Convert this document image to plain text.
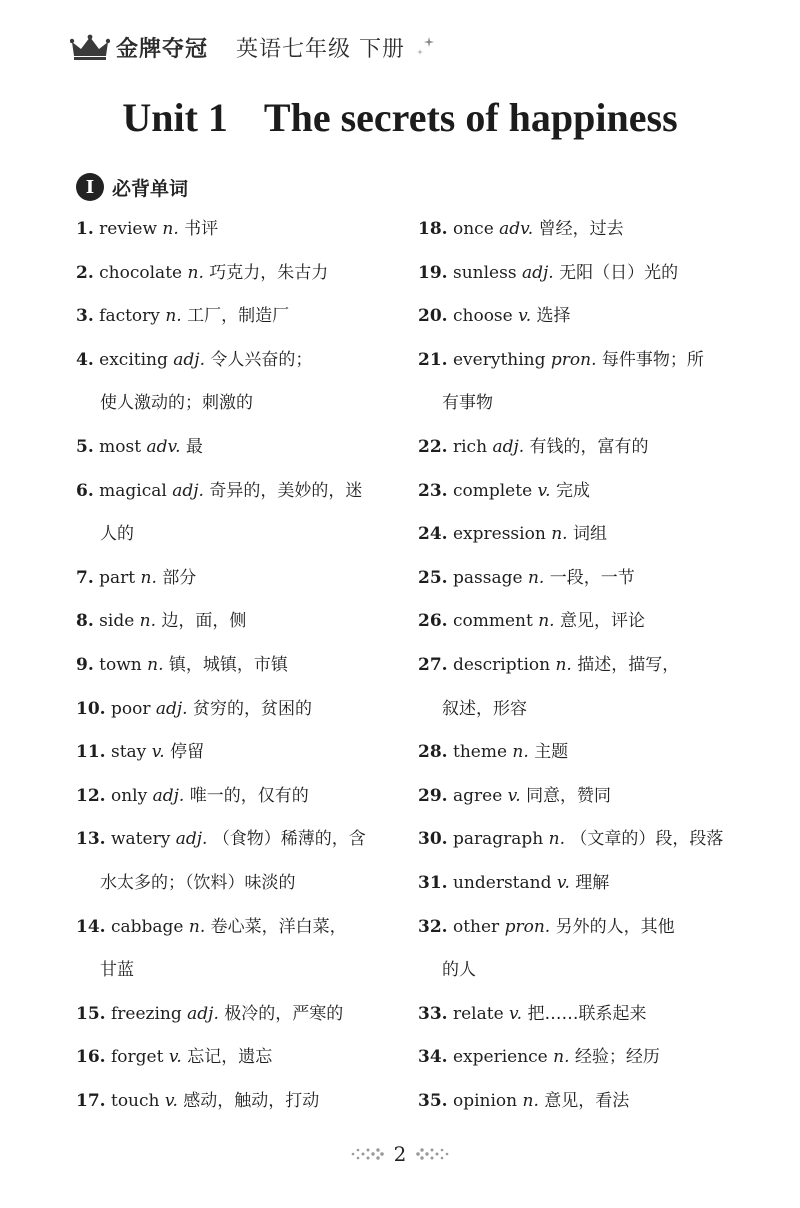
金牌夺冠 英语七年级 下册
Unit 1 The secrets of happiness
I 必背单词
1. review n. 书评
2. chocolate n. 巧克力，朱古力
3. factory n. 工厂，制造厂
4. exciting adj. 令人兴奋的；
使人激动的；刺激的
5. most adv. 最
6. magical adj. 奇异的，美妙的，迷
人的
7. part n. 部分
8. side n. 边，面，侧
9. town n. 镇，城镇，市镇
10. poor adj. 贫穷的，贫困的
11. stay v. 停留
12. only adj. 唯一的，仅有的
13. watery adj. （食物）稀薄的，含
水太多的；（饮料）味淡的
14. cabbage n. 卷心菜，洋白菜，
甘蓝
15. freezing adj. 极冷的，严寒的
16. forget v. 忘记，遗忘
17. touch v. 感动，触动，打动
18. once adv. 曾经，过去
19. sunless adj. 无阳（日）光的
20. choose v. 选择
21. everything pron. 每件事物；所
有事物
22. rich adj. 有钱的，富有的
23. complete v. 完成
24. expression n. 词组
25. passage n. 一段，一节
26. comment n. 意见，评论
27. description n. 描述，描写，
叙述，形容
28. theme n. 主题
29. agree v. 同意，赞同
30. paragraph n. （文章的）段，段落
31. understand v. 理解
32. other pron. 另外的人，其他
的人
33. relate v. 把……联系起来
34. experience n. 经验；经历
35. opinion n. 意见，看法
2
